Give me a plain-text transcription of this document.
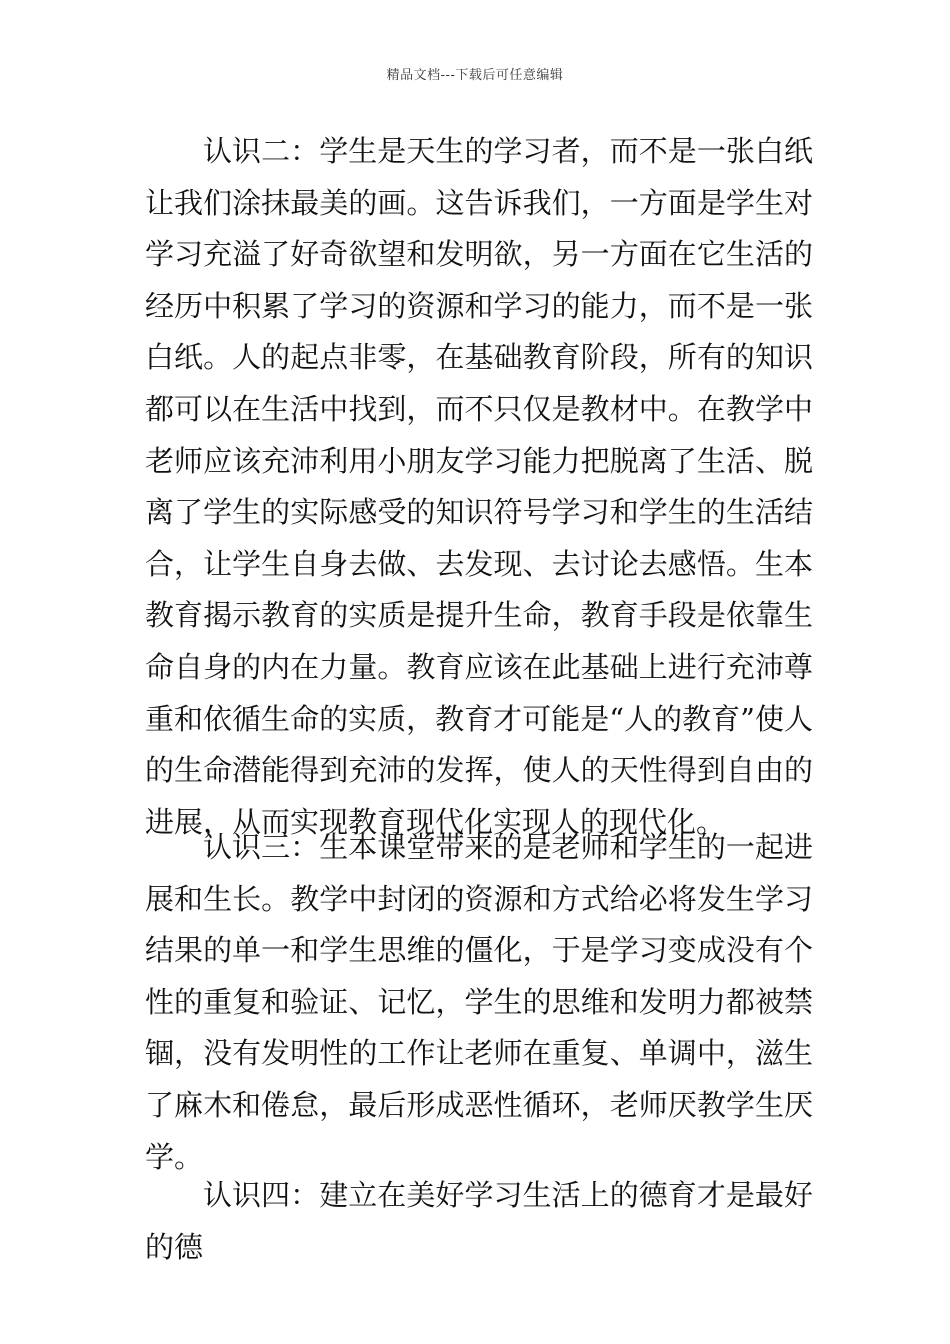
精品文档---下载后可任意编辑

认识二：学生是天生的学习者，而不是一张白纸让我们涂抹最美的画。这告诉我们，一方面是学生对学习充溢了好奇欲望和发明欲，另一方面在它生活的经历中积累了学习的资源和学习的能力，而不是一张白纸。人的起点非零，在基础教育阶段，所有的知识都可以在生活中找到，而不只仅是教材中。在教学中老师应该充沛利用小朋友学习能力把脱离了生活、脱离了学生的实际感受的知识符号学习和学生的生活结合，让学生自身去做、去发现、去讨论去感悟。生本教育揭示教育的实质是提升生命，教育手段是依靠生命自身的内在力量。教育应该在此基础上进行充沛尊重和依循生命的实质，教育才可能是“人的教育”使人的生命潜能得到充沛的发挥，使人的天性得到自由的进展，从而实现教育现代化实现人的现代化。

认识三：生本课堂带来的是老师和学生的一起进展和生长。教学中封闭的资源和方式给必将发生学习结果的单一和学生思维的僵化，于是学习变成没有个性的重复和验证、记忆，学生的思维和发明力都被禁锢，没有发明性的工作让老师在重复、单调中，滋生了麻木和倦怠，最后形成恶性循环，老师厌教学生厌学。

认识四：建立在美好学习生活上的德育才是最好的德
